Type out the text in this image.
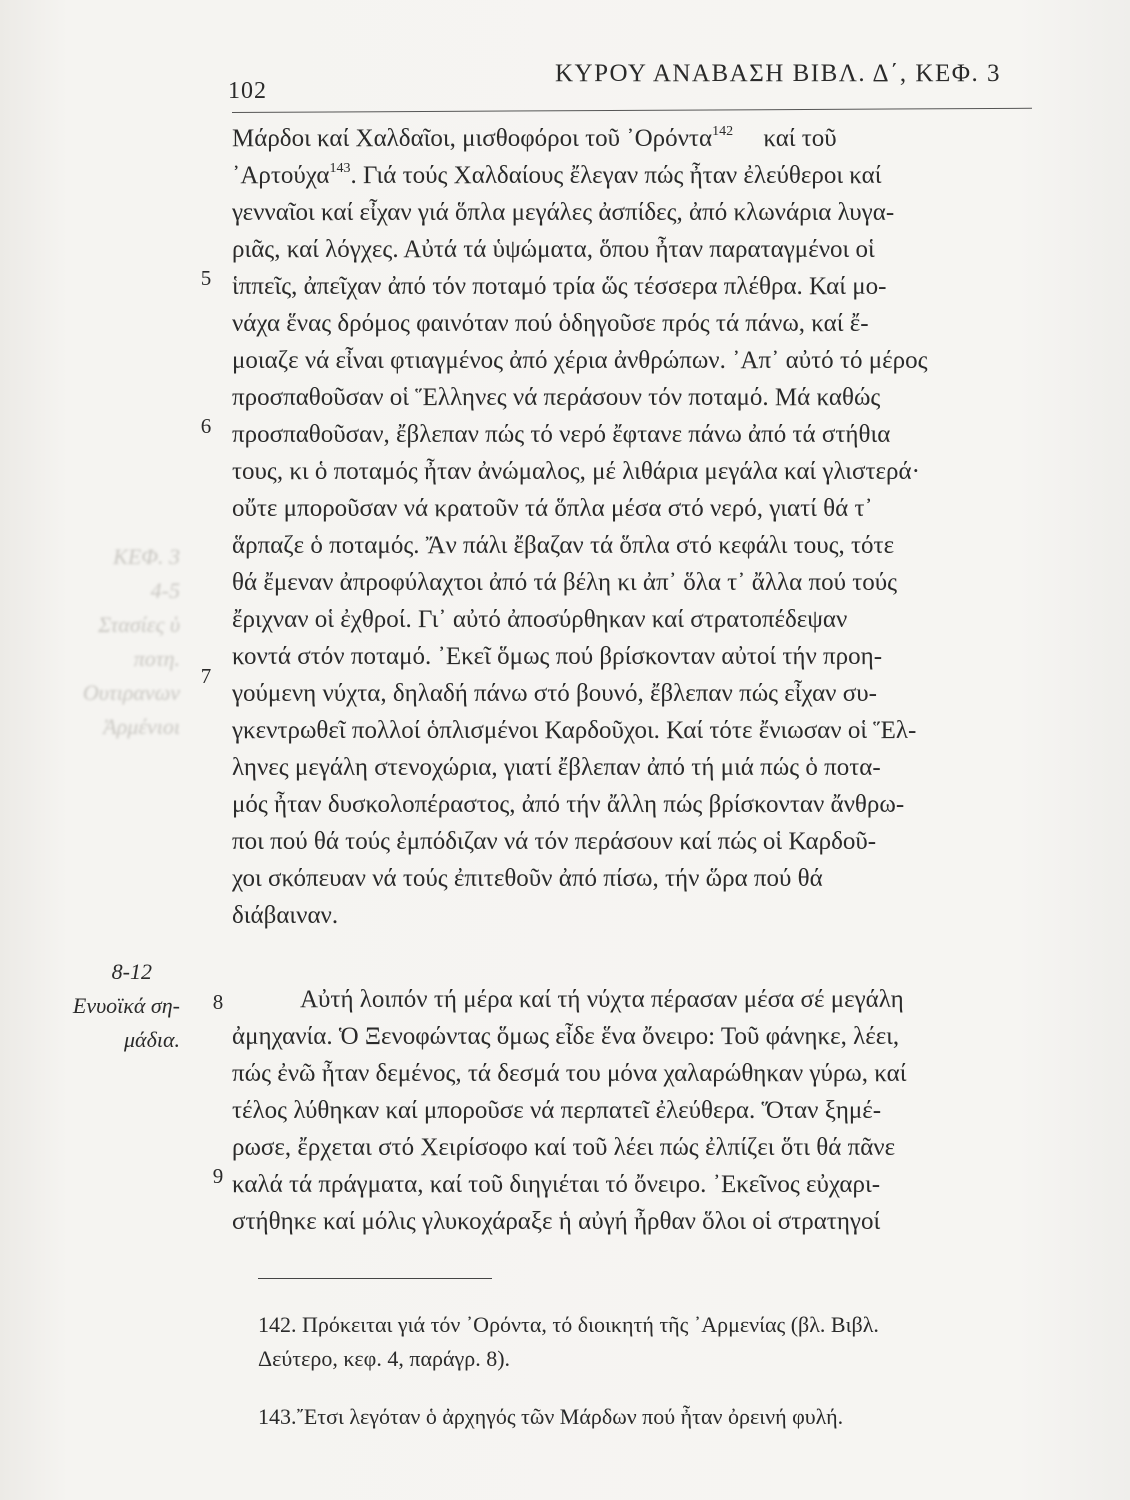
ΚΕΦ. 3
4-5
Στασίες ὑ
ποτη.
Ουτιρανων
Ἀρμένιοι
102
ΚΥΡΟΥ ΑΝΑΒΑΣΗ ΒΙΒΛ. Δ΄, ΚΕΦ. 3
5
6
7
8
9
8-12
Ενυοϊκά ση-
μάδια.
Μάρδοι καί Χαλδαῖοι, μισθοφόροι τοῦ ᾽Ορόντα$^{142}$ καί τοῦ
᾽Αρτούχα$^{143}$. Γιά τούς Χαλδαίους ἔλεγαν πώς ἦταν ἐλεύθεροι καί
γενναῖοι καί εἶχαν γιά ὅπλα μεγάλες ἀσπίδες, ἀπό κλωνάρια λυγα-
ριᾶς, καί λόγχες. Αὐτά τά ὑψώματα, ὅπου ἦταν παραταγμένοι οἱ
ἱππεῖς, ἀπεῖχαν ἀπό τόν ποταμό τρία ὥς τέσσερα πλέθρα. Καί μο-
νάχα ἕνας δρόμος φαινόταν πού ὁδηγοῦσε πρός τά πάνω, καί ἔ-
μοιαζε νά εἶναι φτιαγμένος ἀπό χέρια ἀνθρώπων. ᾽Απ᾽ αὐτό τό μέρος
προσπαθοῦσαν οἱ Ἕλληνες νά περάσουν τόν ποταμό. Μά καθώς
προσπαθοῦσαν, ἔβλεπαν πώς τό νερό ἔφτανε πάνω ἀπό τά στήθια
τους, κι ὁ ποταμός ἦταν ἀνώμαλος, μέ λιθάρια μεγάλα καί γλιστερά·
οὔτε μποροῦσαν νά κρατοῦν τά ὅπλα μέσα στό νερό, γιατί θά τ᾽
ἅρπαζε ὁ ποταμός. Ἄν πάλι ἔβαζαν τά ὅπλα στό κεφάλι τους, τότε
θά ἔμεναν ἀπροφύλαχτοι ἀπό τά βέλη κι ἀπ᾽ ὅλα τ᾽ ἄλλα πού τούς
ἔριχναν οἱ ἐχθροί. Γι᾽ αὐτό ἀποσύρθηκαν καί στρατοπέδεψαν
κοντά στόν ποταμό. ᾽Εκεῖ ὅμως πού βρίσκονταν αὐτοί τήν προη-
γούμενη νύχτα, δηλαδή πάνω στό βουνό, ἔβλεπαν πώς εἶχαν συ-
γκεντρωθεῖ πολλοί ὁπλισμένοι Καρδοῦχοι. Καί τότε ἔνιωσαν οἱ Ἕλ-
ληνες μεγάλη στενοχώρια, γιατί ἔβλεπαν ἀπό τή μιά πώς ὁ ποτα-
μός ἦταν δυσκολοπέραστος, ἀπό τήν ἄλλη πώς βρίσκονταν ἄνθρω-
ποι πού θά τούς ἐμπόδιζαν νά τόν περάσουν καί πώς οἱ Καρδοῦ-
χοι σκόπευαν νά τούς ἐπιτεθοῦν ἀπό πίσω, τήν ὥρα πού θά
διάβαιναν.
Αὐτή λοιπόν τή μέρα καί τή νύχτα πέρασαν μέσα σέ μεγάλη
ἀμηχανία. Ὁ Ξενοφώντας ὅμως εἶδε ἕνα ὄνειρο: Τοῦ φάνηκε, λέει,
πώς ἐνῶ ἦταν δεμένος, τά δεσμά του μόνα χαλαρώθηκαν γύρω, καί
τέλος λύθηκαν καί μποροῦσε νά περπατεῖ ἐλεύθερα. Ὅταν ξημέ-
ρωσε, ἔρχεται στό Χειρίσοφο καί τοῦ λέει πώς ἐλπίζει ὅτι θά πᾶνε
καλά τά πράγματα, καί τοῦ διηγιέται τό ὄνειρο. ᾽Εκεῖνος εὐχαρι-
στήθηκε καί μόλις γλυκοχάραξε ἡ αὐγή ἦρθαν ὅλοι οἱ στρατηγοί
142. Πρόκειται γιά τόν ᾽Ορόντα, τό διοικητή τῆς ᾽Αρμενίας (βλ. Βιβλ.
Δεύτερο, κεφ. 4, παράγρ. 8).
143.῎Ετσι λεγόταν ὁ ἀρχηγός τῶν Μάρδων πού ἦταν ὀρεινή φυλή.
